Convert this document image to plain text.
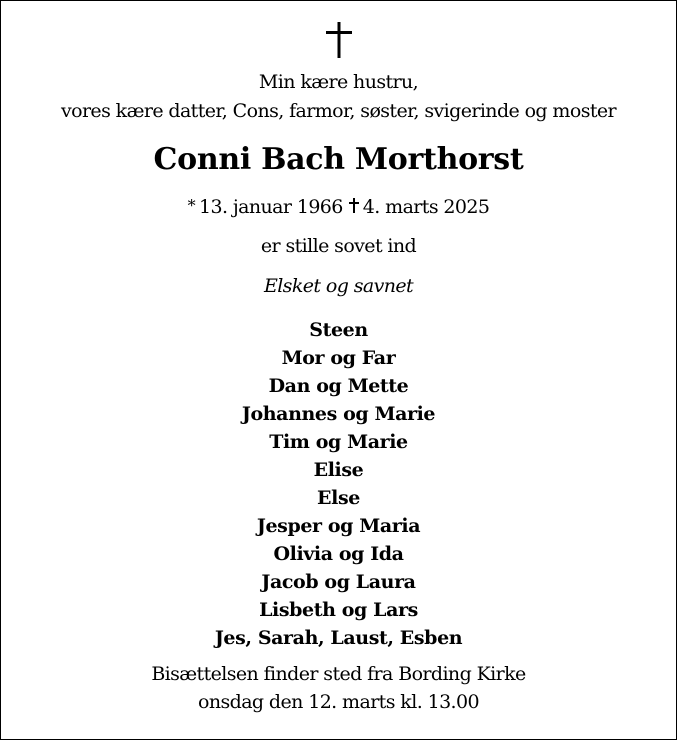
Min kære hustru,
vores kære datter, Cons, farmor, søster, svigerinde og moster
Conni Bach Morthorst
* 13. januar 1966 4. marts 2025
er stille sovet ind
Elsket og savnet
Steen
Mor og Far
Dan og Mette
Johannes og Marie
Tim og Marie
Elise
Else
Jesper og Maria
Olivia og Ida
Jacob og Laura
Lisbeth og Lars
Jes, Sarah, Laust, Esben
Bisættelsen finder sted fra Bording Kirke
onsdag den 12. marts kl. 13.00
